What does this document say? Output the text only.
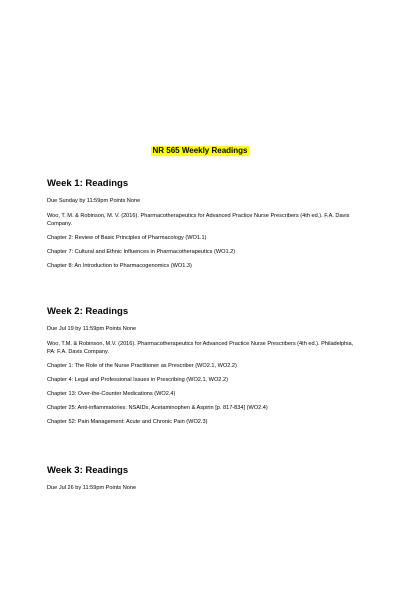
NR 565 Weekly Readings
Week 1: Readings
Due Sunday by 11:59pm Points None
Woo, T. M. & Robinson, M. V. (2016). Pharmacotherapeutics for Advanced Practice Nurse Prescribers (4th ed.). F.A. Davis Company.
Chapter 2: Review of Basic Principles of Pharmacology (WO1.1)
Chapter 7: Cultural and Ethnic Influences in Pharmacotherapeutics (WO1.2)
Chapter 8: An Introduction to Pharmacogenomics (WO1.3)
Week 2: Readings
Due Jul 19 by 11:59pm Points None
Woo, T.M. & Robinson, M.V. (2016). Pharmacotherapeutics for Advanced Practice Nurse Prescribers (4th ed.). Philadelphia, PA: F.A. Davis Company.
Chapter 1: The Role of the Nurse Practitioner as Prescriber (WO2.1, WO2.2)
Chapter 4: Legal and Professional Issues in Prescribing (WO2.1, WO2.2)
Chapter 13: Over-the-Counter Medications (WO2.4)
Chapter 25: Anti-inflammatories: NSAIDs, Acetaminophen & Aspirin [p. 817-834] (WO2.4)
Chapter 52: Pain Management: Acute and Chronic Pain (WO2.3)
Week 3: Readings
Due Jul 26 by 11:59pm Points None
